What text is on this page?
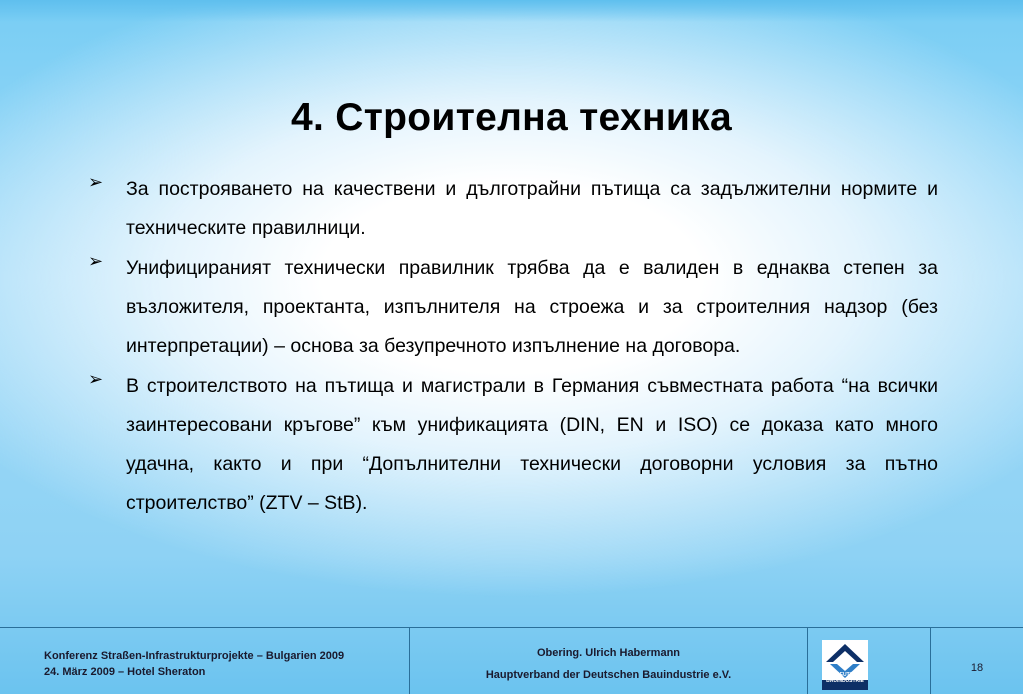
4. Строителна техника
➢ За построяването на качествени и дълготрайни пътища са задължителни нормите и техническите правилници.
➢ Унифицираният технически правилник трябва да е валиден в еднаква степен за възложителя, проектанта, изпълнителя на строежа и за строителния надзор (без интерпретации) – основа за безупречното изпълнение на договора.
➢ В строителството на пътища и магистрали в Германия съвместната работа “на всички заинтересовани кръгове” към унификацията (DIN, EN и ISO) се доказа като много удачна, както и при “Допълнителни технически договорни условия за пътно строителство” (ZTV – StB).
Konferenz Straßen-Infrastrukturprojekte – Bulgarien 2009
24. März 2009 – Hotel Sheraton
Obering. Ulrich Habermann
Hauptverband der Deutschen Bauindustrie e.V.	DIE DEUTSCHE
BAUINDUSTRIE
18
